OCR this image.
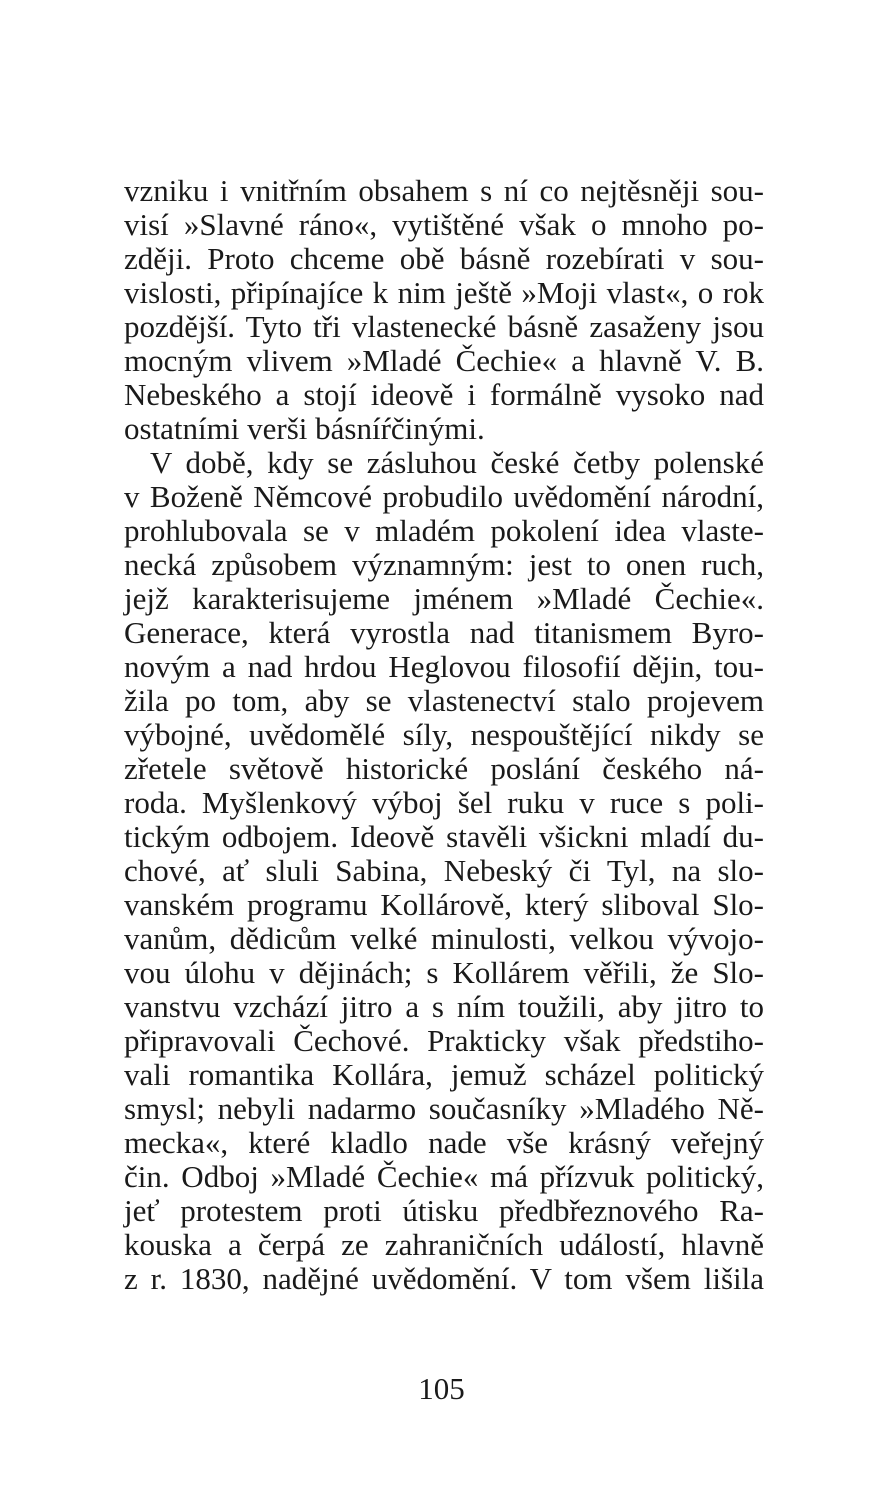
vzniku i vnitřním obsahem s ní co nejtěsněji sou-
visí »Slavné ráno«, vytištěné však o mnoho po-
zději. Proto chceme obě básně rozebírati v sou-
vislosti, připínajíce k nim ještě »Moji vlast«, o rok
pozdější. Tyto tři vlastenecké básně zasaženy jsou
mocným vlivem »Mladé Čechie« a hlavně V. B.
Nebeského a stojí ideově i formálně vysoko nad
ostatními verši básníŕčinými.
V době, kdy se zásluhou české četby polenské
v Boženě Němcové probudilo uvědomění národní,
prohlubovala se v mladém pokolení idea vlaste-
necká způsobem významným: jest to onen ruch,
jejž karakterisujeme jménem »Mladé Čechie«.
Generace, která vyrostla nad titanismem Byro-
novým a nad hrdou Heglovou filosofií dějin, tou-
žila po tom, aby se vlastenectví stalo projevem
výbojné, uvědomělé síly, nespouštějící nikdy se
zřetele světově historické poslání českého ná-
roda. Myšlenkový výboj šel ruku v ruce s poli-
tickým odbojem. Ideově stavěli všickni mladí du-
chové, ať sluli Sabina, Nebeský či Tyl, na slo-
vanském programu Kollárově, který sliboval Slo-
vanům, dědicům velké minulosti, velkou vývojo-
vou úlohu v dějinách; s Kollárem věřili, že Slo-
vanstvu vzchází jitro a s ním toužili, aby jitro to
připravovali Čechové. Prakticky však předstiho-
vali romantika Kollára, jemuž scházel politický
smysl; nebyli nadarmo současníky »Mladého Ně-
mecka«, které kladlo nade vše krásný veřejný
čin. Odboj »Mladé Čechie« má přízvuk politický,
jeť protestem proti útisku předbřeznového Ra-
kouska a čerpá ze zahraničních událostí, hlavně
z r. 1830, nadějné uvědomění. V tom všem lišila
105
